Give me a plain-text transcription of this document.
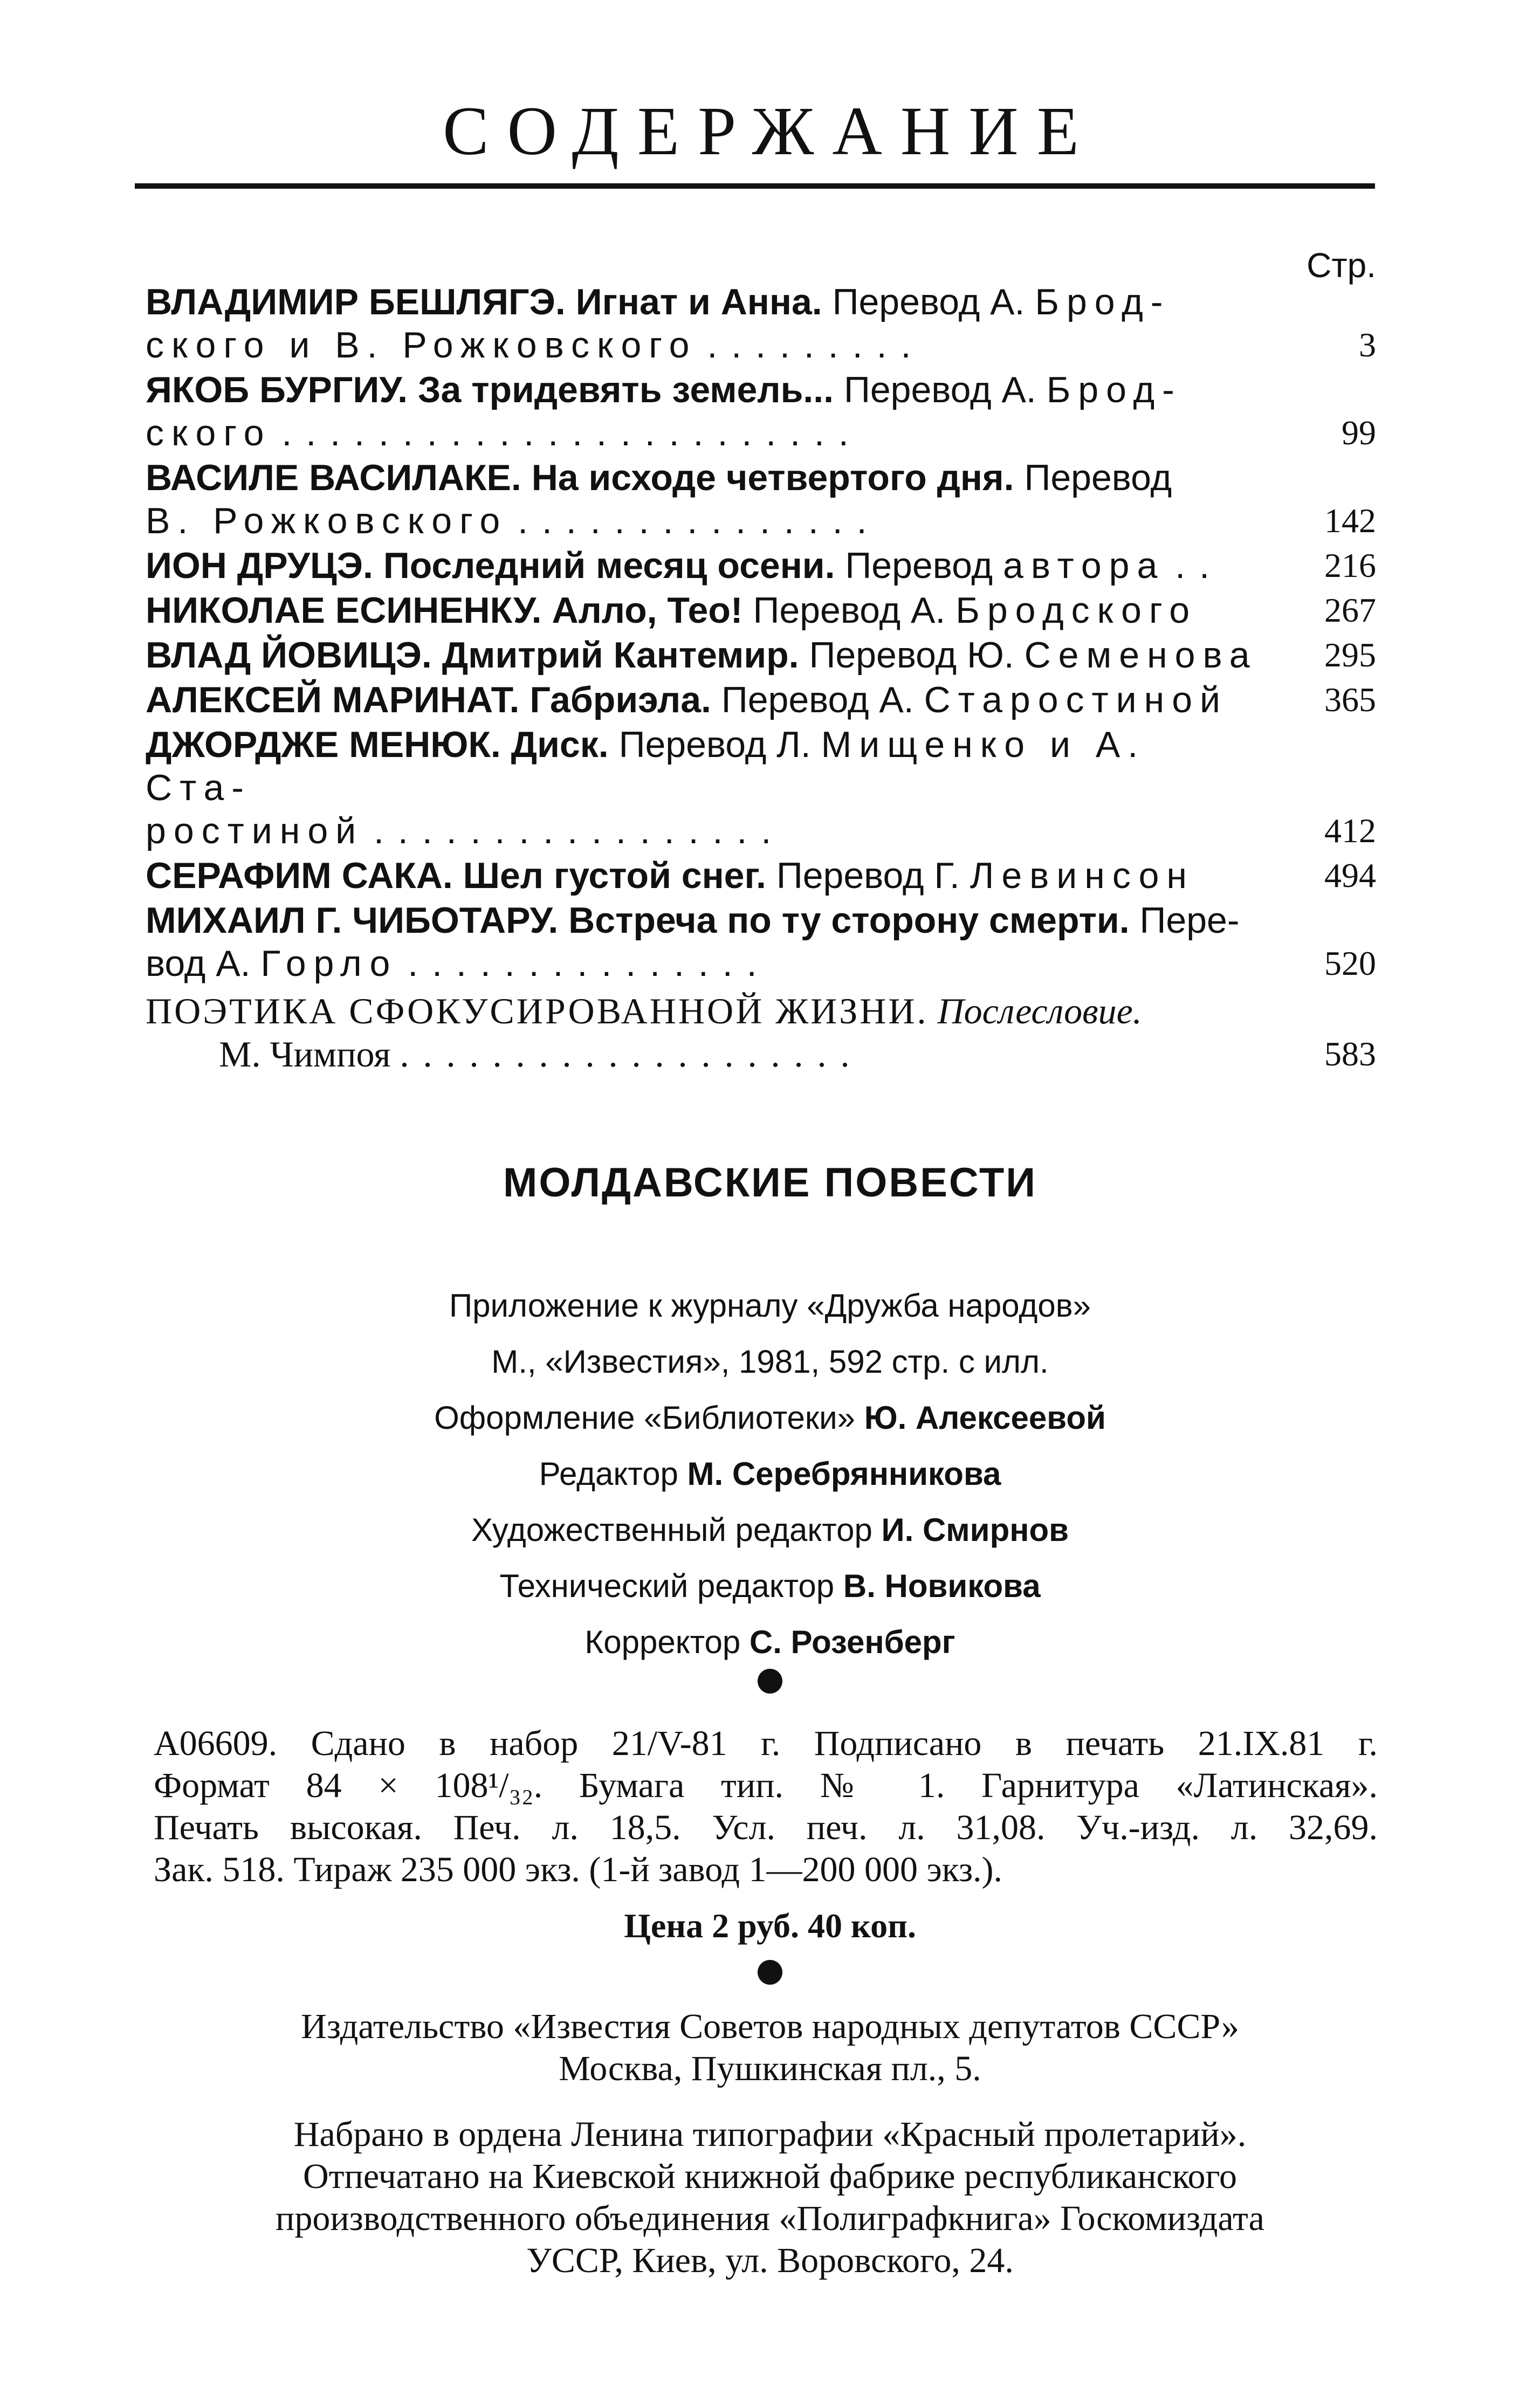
СОДЕРЖАНИЕ
Стр.
ВЛАДИМИР БЕШЛЯГЭ. Игнат и Анна. Перевод А. Брод-
ского и В. Рожковского .........	3
ЯКОБ БУРГИУ. За тридевять земель... Перевод А. Брод-
ского ........................	99
ВАСИЛЕ ВАСИЛАКЕ. На исходе четвертого дня. Перевод
В. Рожковского ...............	142
ИОН ДРУЦЭ. Последний месяц осени. Перевод автора ..	216
НИКОЛАЕ ЕСИНЕНКУ. Алло, Тео! Перевод А. Бродского	267
ВЛАД ЙОВИЦЭ. Дмитрий Кантемир. Перевод Ю. Семенова	295
АЛЕКСЕЙ МАРИНАТ. Габриэла. Перевод А. Старостиной	365
ДЖОРДЖЕ МЕНЮК. Диск. Перевод Л. Мищенко и А. Ста-
ростиной .................	412
СЕРАФИМ САКА. Шел густой снег. Перевод Г. Левинсон	494
МИХАИЛ Г. ЧИБОТАРУ. Встреча по ту сторону смерти. Пере-
вод А. Горло ...............	520
ПОЭТИКА СФОКУСИРОВАННОЙ ЖИЗНИ. Послесловие.
М. Чимпоя ....................	583
МОЛДАВСКИЕ ПОВЕСТИ
Приложение к журналу «Дружба народов»
М., «Известия», 1981, 592 стр. с илл.
Оформление «Библиотеки» Ю. Алексеевой
Редактор М. Серебрянникова
Художественный редактор И. Смирнов
Технический редактор В. Новикова
Корректор С. Розенберг
А06609. Сдано в набор 21/V-81 г. Подписано в печать 21.IX.81 г.
Формат 84 × 108¹/₃₂. Бумага тип. № 1. Гарнитура «Латинская».
Печать высокая. Печ. л. 18,5. Усл. печ. л. 31,08. Уч.-изд. л. 32,69.
Зак. 518. Тираж 235 000 экз. (1-й завод 1—200 000 экз.).
Цена 2 руб. 40 коп.
Издательство «Известия Советов народных депутатов СССР»
Москва, Пушкинская пл., 5.
Набрано в ордена Ленина типографии «Красный пролетарий».
Отпечатано на Киевской книжной фабрике республиканского
производственного объединения «Полиграфкнига» Госкомиздата
УССР, Киев, ул. Воровского, 24.
